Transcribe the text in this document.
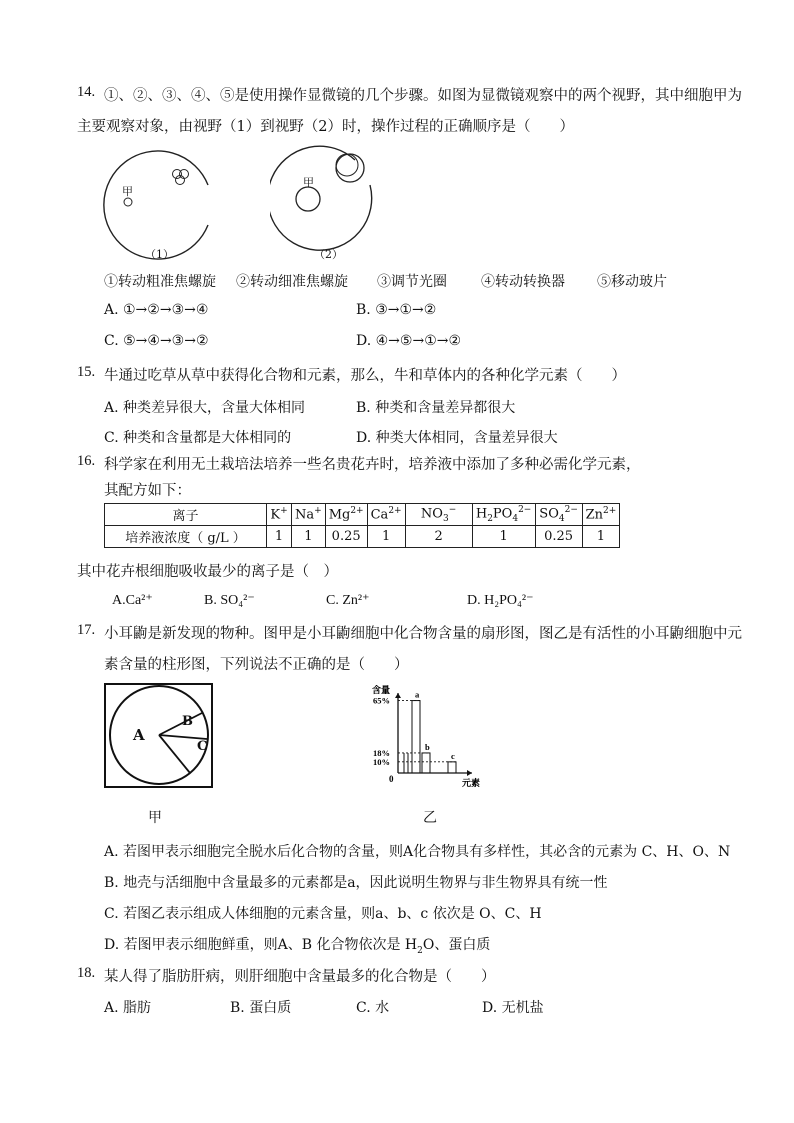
14. ①、②、③、④、⑤是使用操作显微镜的几个步骤。如图为显微镜观察中的两个视野，其中细胞甲为
主要观察对象，由视野（1）到视野（2）时，操作过程的正确顺序是（　　）
甲
（1）
甲
（2）
①转动粗准焦螺旋 ②转动细准焦螺旋 ③调节光圈 ④转动转换器 ⑤移动玻片
A. ①→②→③→④	B. ③→①→②
C. ⑤→④→③→②	D. ④→⑤→①→②
15. 牛通过吃草从草中获得化合物和元素，那么，牛和草体内的各种化学元素（　　）
A. 种类差异很大，含量大体相同	B. 种类和含量差异都很大
C. 种类和含量都是大体相同的	D. 种类大体相同，含量差异很大
16. 科学家在利用无土栽培法培养一些名贵花卉时，培养液中添加了多种必需化学元素，
其配方如下：
离子	K+	Na+	$Mg^{2+}$	$Ca^{2+}$	$NO_3^-$	$H_2PO_4^{2-}$	$SO_4^{2-}$	$Zn^{2+}$
培养液浓度（ g/L ）	1	1	0.25	1	2	1	0.25	1
其中花卉根细胞吸收最少的离子是（　）
A.Ca²⁺	B. SO₄²⁻	C. Zn²⁺	D. H₂PO₄²⁻
17. 小耳鼩是新发现的物种。图甲是小耳鼩细胞中化合物含量的扇形图，图乙是有活性的小耳鼩细胞中元
素含量的柱形图，下列说法不正确的是（　　）
A
B
C
甲
含量
元素
0
65%
18%
10%
a
b
c
乙
A. 若图甲表示细胞完全脱水后化合物的含量，则A化合物具有多样性，其必含的元素为 C、H、O、N
B. 地壳与活细胞中含量最多的元素都是a，因此说明生物界与非生物界具有统一性
C. 若图乙表示组成人体细胞的元素含量，则a、b、c 依次是 O、C、H
D. 若图甲表示细胞鲜重，则A、B 化合物依次是 $H_2O$、蛋白质
18. 某人得了脂肪肝病，则肝细胞中含量最多的化合物是（　　）
A. 脂肪	B. 蛋白质	C. 水	D. 无机盐
